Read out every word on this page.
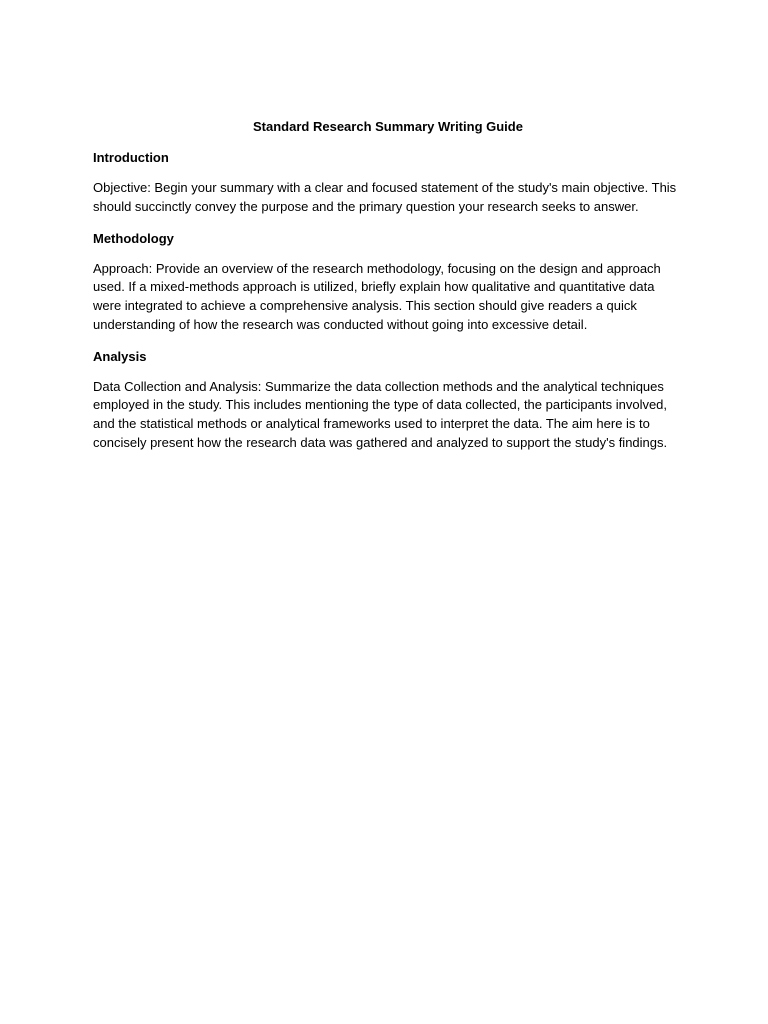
Standard Research Summary Writing Guide
Introduction
Objective: Begin your summary with a clear and focused statement of the study's main objective. This should succinctly convey the purpose and the primary question your research seeks to answer.
Methodology
Approach: Provide an overview of the research methodology, focusing on the design and approach used. If a mixed-methods approach is utilized, briefly explain how qualitative and quantitative data were integrated to achieve a comprehensive analysis. This section should give readers a quick understanding of how the research was conducted without going into excessive detail.
Analysis
Data Collection and Analysis: Summarize the data collection methods and the analytical techniques employed in the study. This includes mentioning the type of data collected, the participants involved, and the statistical methods or analytical frameworks used to interpret the data. The aim here is to concisely present how the research data was gathered and analyzed to support the study's findings.
